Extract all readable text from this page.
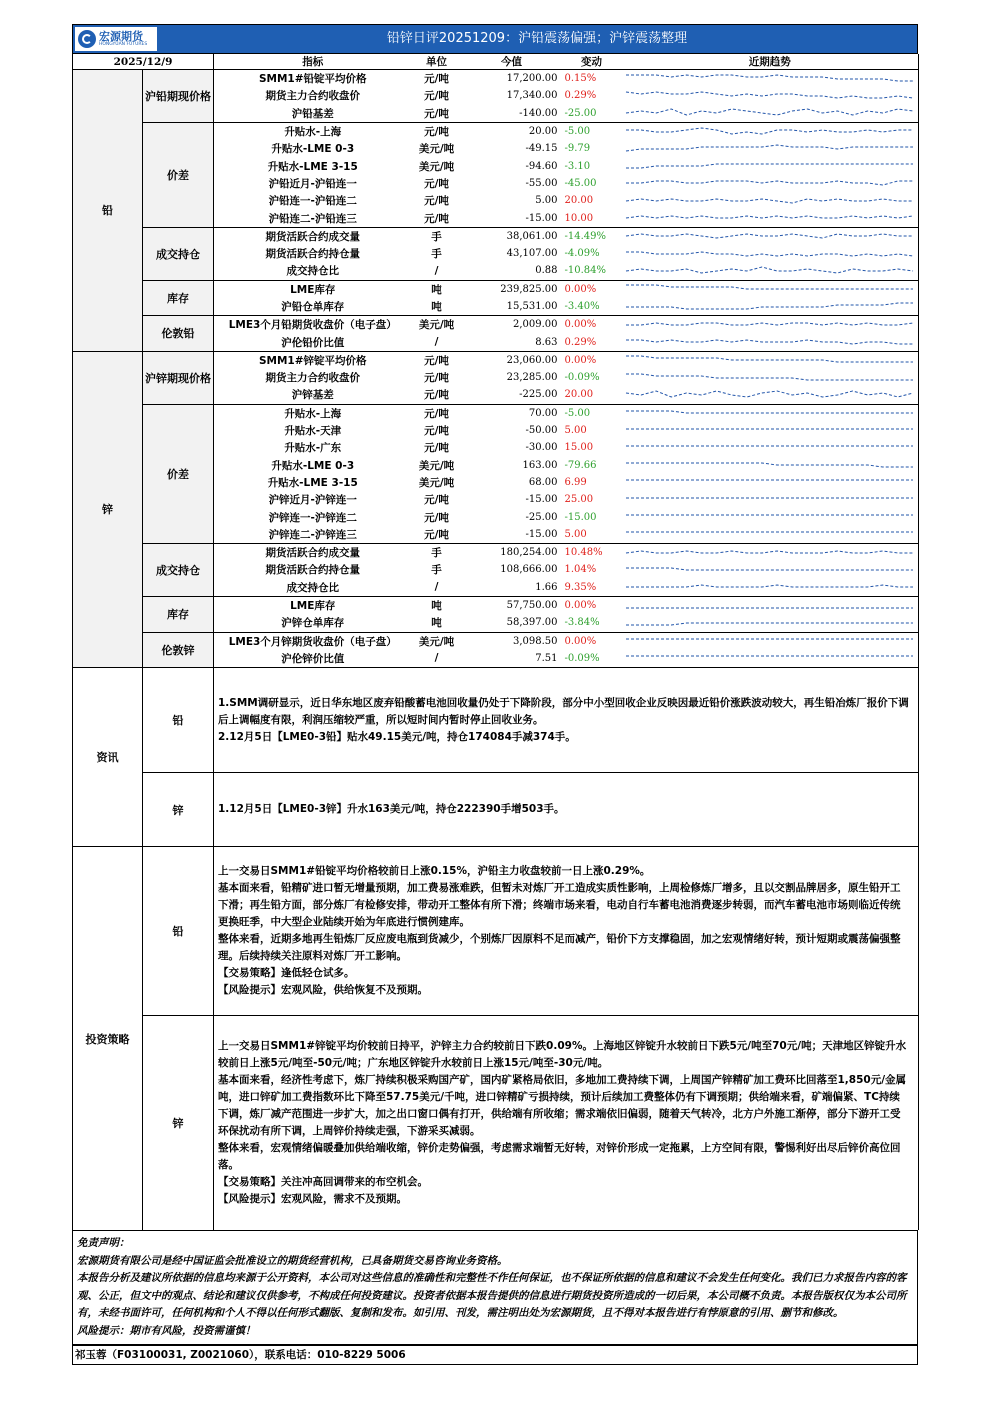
宏源期货
HONGYUAN FUTURES	铅锌日评20251209：沪铅震荡偏强；沪锌震荡整理
2025/12/9		指标	单位	今值	变动	近期趋势
铅	沪铅期现价格	SMM1#铅锭平均价格	元/吨	17,200.00	0.15%	

		期货主力合约收盘价	元/吨	17,340.00	0.29%	

		沪铅基差	元/吨	-140.00	-25.00	

	价差	升贴水-上海	元/吨	20.00	-5.00	

		升贴水-LME 0-3	美元/吨	-49.15	-9.79	

		升贴水-LME 3-15	美元/吨	-94.60	-3.10	

		沪铅近月-沪铅连一	元/吨	-55.00	-45.00	

		沪铅连一-沪铅连二	元/吨	5.00	20.00	

		沪铅连二-沪铅连三	元/吨	-15.00	10.00	

	成交持仓	期货活跃合约成交量	手	38,061.00	-14.49%	

		期货活跃合约持仓量	手	43,107.00	-4.09%	

		成交持仓比	/	0.88	-10.84%	

	库存	LME库存	吨	239,825.00	0.00%	

		沪铅仓单库存	吨	15,531.00	-3.40%	

	伦敦铅	LME3个月铅期货收盘价（电子盘）	美元/吨	2,009.00	0.00%	

		沪伦铅价比值	/	8.63	0.29%	

锌	沪锌期现价格	SMM1#锌锭平均价格	元/吨	23,060.00	0.00%	

		期货主力合约收盘价	元/吨	23,285.00	-0.09%	

		沪锌基差	元/吨	-225.00	20.00	

	价差	升贴水-上海	元/吨	70.00	-5.00	

		升贴水-天津	元/吨	-50.00	5.00	

		升贴水-广东	元/吨	-30.00	15.00	

		升贴水-LME 0-3	美元/吨	163.00	-79.66	

		升贴水-LME 3-15	美元/吨	68.00	6.99	

		沪锌近月-沪锌连一	元/吨	-15.00	25.00	

		沪锌连一-沪锌连二	元/吨	-25.00	-15.00	

		沪锌连二-沪锌连三	元/吨	-15.00	5.00	

	成交持仓	期货活跃合约成交量	手	180,254.00	10.48%	

		期货活跃合约持仓量	手	108,666.00	1.04%	

		成交持仓比	/	1.66	9.35%	

	库存	LME库存	吨	57,750.00	0.00%	

		沪锌仓单库存	吨	58,397.00	-3.84%	

	伦敦锌	LME3个月锌期货收盘价（电子盘）	美元/吨	3,098.50	0.00%	

		沪伦锌价比值	/	7.51	-0.09%	
资讯	铅	1.SMM调研显示，近日华东地区废弃铅酸蓄电池回收量仍处于下降阶段，部分中小型回收企业反映因最近铅价涨跌波动较大，再生铅冶炼厂报价下调后上调幅度有限，利润压缩较严重，所以短时间内暂时停止回收业务。

2.12月5日【LME0-3铅】贴水49.15美元/吨，持仓174084手减374手。

	锌	1.12月5日【LME0-3锌】升水163美元/吨，持仓222390手增503手。

投资策略	铅	上一交易日SMM1#铅锭平均价格较前日上涨0.15%，沪铅主力收盘较前一日上涨0.29%。

基本面来看，铅精矿进口暂无增量预期，加工费易涨难跌，但暂未对炼厂开工造成实质性影响，上周检修炼厂增多，且以交割品牌居多，原生铅开工下滑；再生铅方面，部分炼厂有检修安排，带动开工整体有所下滑；终端市场来看，电动自行车蓄电池消费逐步转弱，而汽车蓄电池市场则临近传统更换旺季，中大型企业陆续开始为年底进行惯例建库。

整体来看，近期多地再生铅炼厂反应废电瓶到货减少，个别炼厂因原料不足而减产，铅价下方支撑稳固，加之宏观情绪好转，预计短期或震荡偏强整理。后续持续关注原料对炼厂开工影响。

【交易策略】逢低轻仓试多。

【风险提示】宏观风险，供给恢复不及预期。

	锌	上一交易日SMM1#锌锭平均价较前日持平，沪锌主力合约较前日下跌0.09%。上海地区锌锭升水较前日下跌5元/吨至70元/吨；天津地区锌锭升水较前日上涨5元/吨至-50元/吨；广东地区锌锭升水较前日上涨15元/吨至-30元/吨。

基本面来看，经济性考虑下，炼厂持续积极采购国产矿，国内矿紧格局依旧，多地加工费持续下调，上周国产锌精矿加工费环比回落至1,850元/金属吨，进口锌矿加工费指数环比下降至57.75美元/千吨，进口锌精矿亏损持续，预计后续加工费整体仍有下调预期；供给端来看，矿端偏紧、TC持续下调，炼厂减产范围进一步扩大，加之出口窗口偶有打开，供给端有所收缩；需求端依旧偏弱，随着天气转冷，北方户外施工渐停，部分下游开工受环保扰动有所下调，上周锌价持续走强，下游采买减弱。

整体来看，宏观情绪偏暖叠加供给端收缩，锌价走势偏强，考虑需求端暂无好转，对锌价形成一定拖累，上方空间有限，警惕利好出尽后锌价高位回落。

【交易策略】关注冲高回调带来的布空机会。

【风险提示】宏观风险，需求不及预期。

免责声明：

宏源期货有限公司是经中国证监会批准设立的期货经营机构，已具备期货交易咨询业务资格。

本报告分析及建议所依据的信息均来源于公开资料，本公司对这些信息的准确性和完整性不作任何保证，也不保证所依据的信息和建议不会发生任何变化。我们已力求报告内容的客观、公正，但文中的观点、结论和建议仅供参考，不构成任何投资建议。投资者依据本报告提供的信息进行期货投资所造成的一切后果，本公司概不负责。本报告版权仅为本公司所有，未经书面许可，任何机构和个人不得以任何形式翻版、复制和发布。如引用、刊发，需注明出处为宏源期货，且不得对本报告进行有悖原意的引用、删节和修改。

风险提示：期市有风险，投资需谨慎！

祁玉蓉（F03100031, Z0021060），联系电话：010-8229 5006
